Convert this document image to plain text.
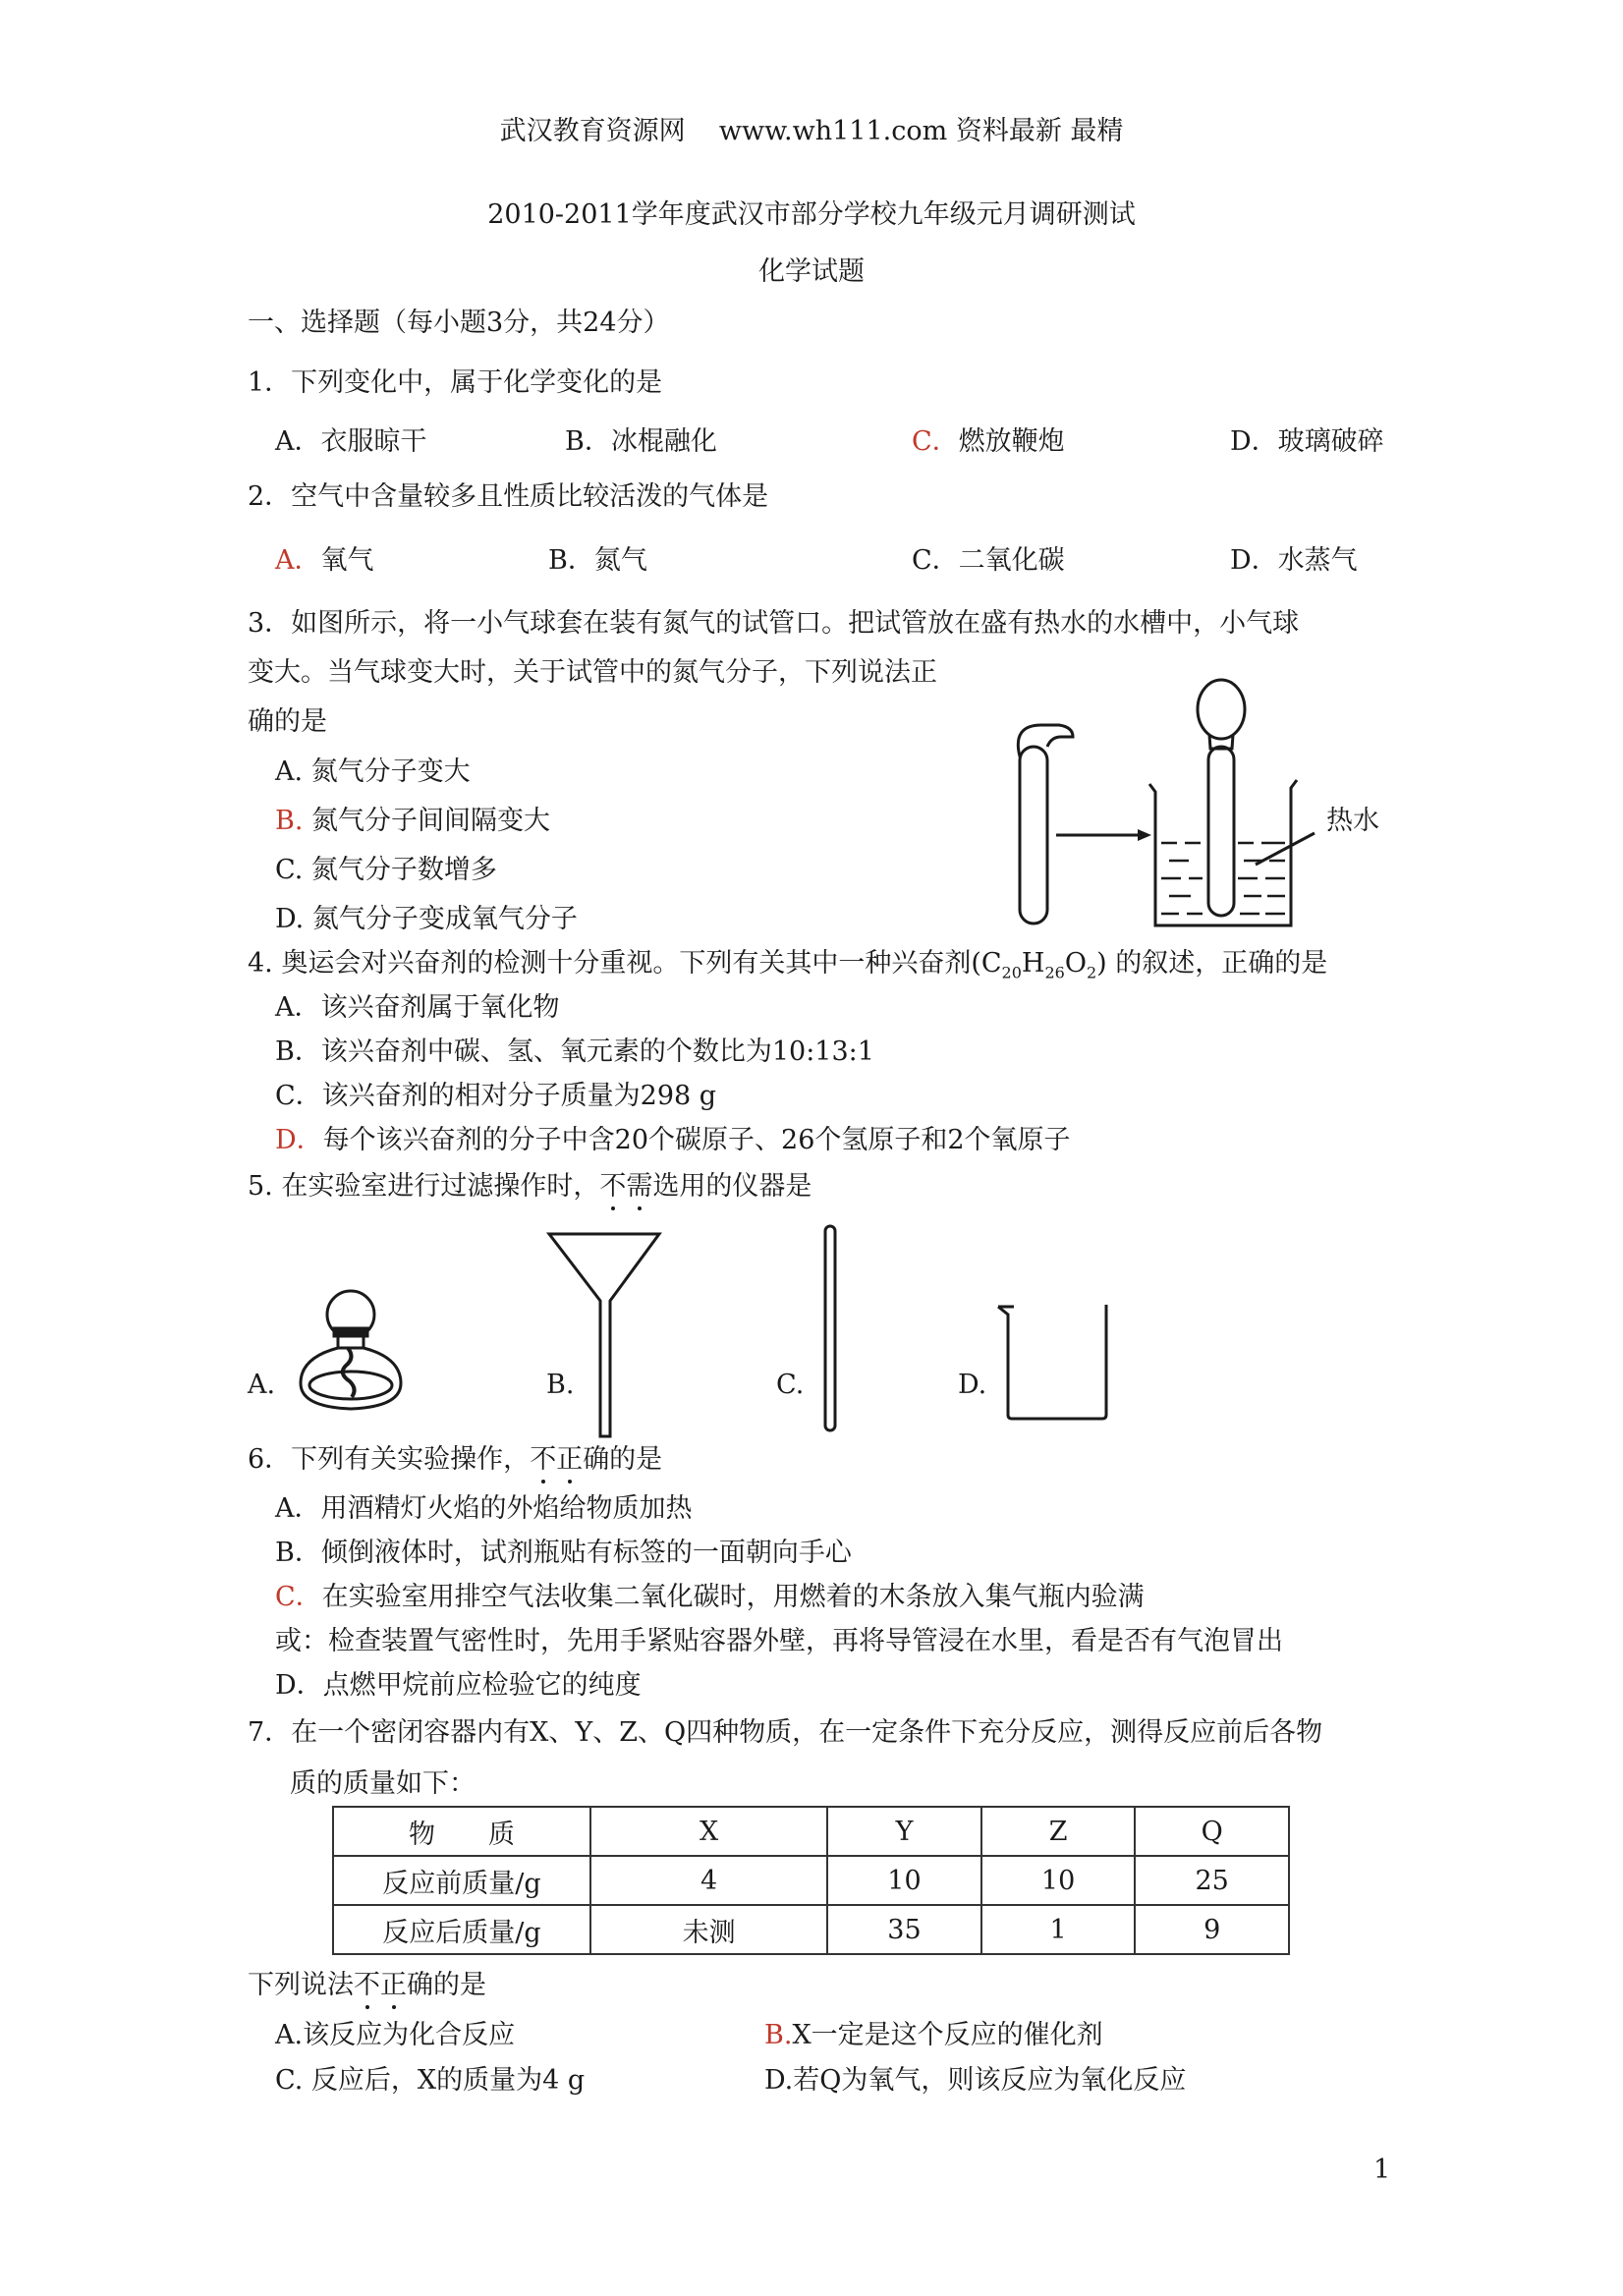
武汉教育资源网 www.wh111.com 资料最新 最精
2010-2011学年度武汉市部分学校九年级元月调研测试
化学试题
一、选择题（每小题3分，共24分）
1．下列变化中，属于化学变化的是
A．衣服晾干	B．冰棍融化	C．燃放鞭炮	D．玻璃破碎
2．空气中含量较多且性质比较活泼的气体是
A．氧气	B．氮气	C．二氧化碳	D．水蒸气
3．如图所示，将一小气球套在装有氮气的试管口。把试管放在盛有热水的水槽中，小气球
变大。当气球变大时，关于试管中的氮气分子，下列说法正
确的是
A. 氮气分子变大
B. 氮气分子间间隔变大
C. 氮气分子数增多
D. 氮气分子变成氧气分子
热水
4. 奥运会对兴奋剂的检测十分重视。下列有关其中一种兴奋剂$(C_{20}H_{26}O_2)$ 的叙述，正确的是
A．该兴奋剂属于氧化物
B．该兴奋剂中碳、氢、氧元素的个数比为10:13:1
C．该兴奋剂的相对分子质量为298 g
D．每个该兴奋剂的分子中含20个碳原子、26个氢原子和2个氧原子
5. 在实验室进行过滤操作时，不需选用的仪器是
A.	B.	C.	D.
6．下列有关实验操作，不正确的是
A．用酒精灯火焰的外焰给物质加热
B．倾倒液体时，试剂瓶贴有标签的一面朝向手心
C．在实验室用排空气法收集二氧化碳时，用燃着的木条放入集气瓶内验满
或：检查装置气密性时，先用手紧贴容器外壁，再将导管浸在水里，看是否有气泡冒出
D．点燃甲烷前应检验它的纯度
7．在一个密闭容器内有X、Y、Z、Q四种物质，在一定条件下充分反应，测得反应前后各物
质的质量如下：
物　　质	X	Y	Z	Q
反应前质量/g	4	10	10	25
反应后质量/g	未测	35	1	9
下列说法不正确的是
A.该反应为化合反应	B.X一定是这个反应的催化剂
C. 反应后，X的质量为4 g	D.若Q为氧气，则该反应为氧化反应
1
